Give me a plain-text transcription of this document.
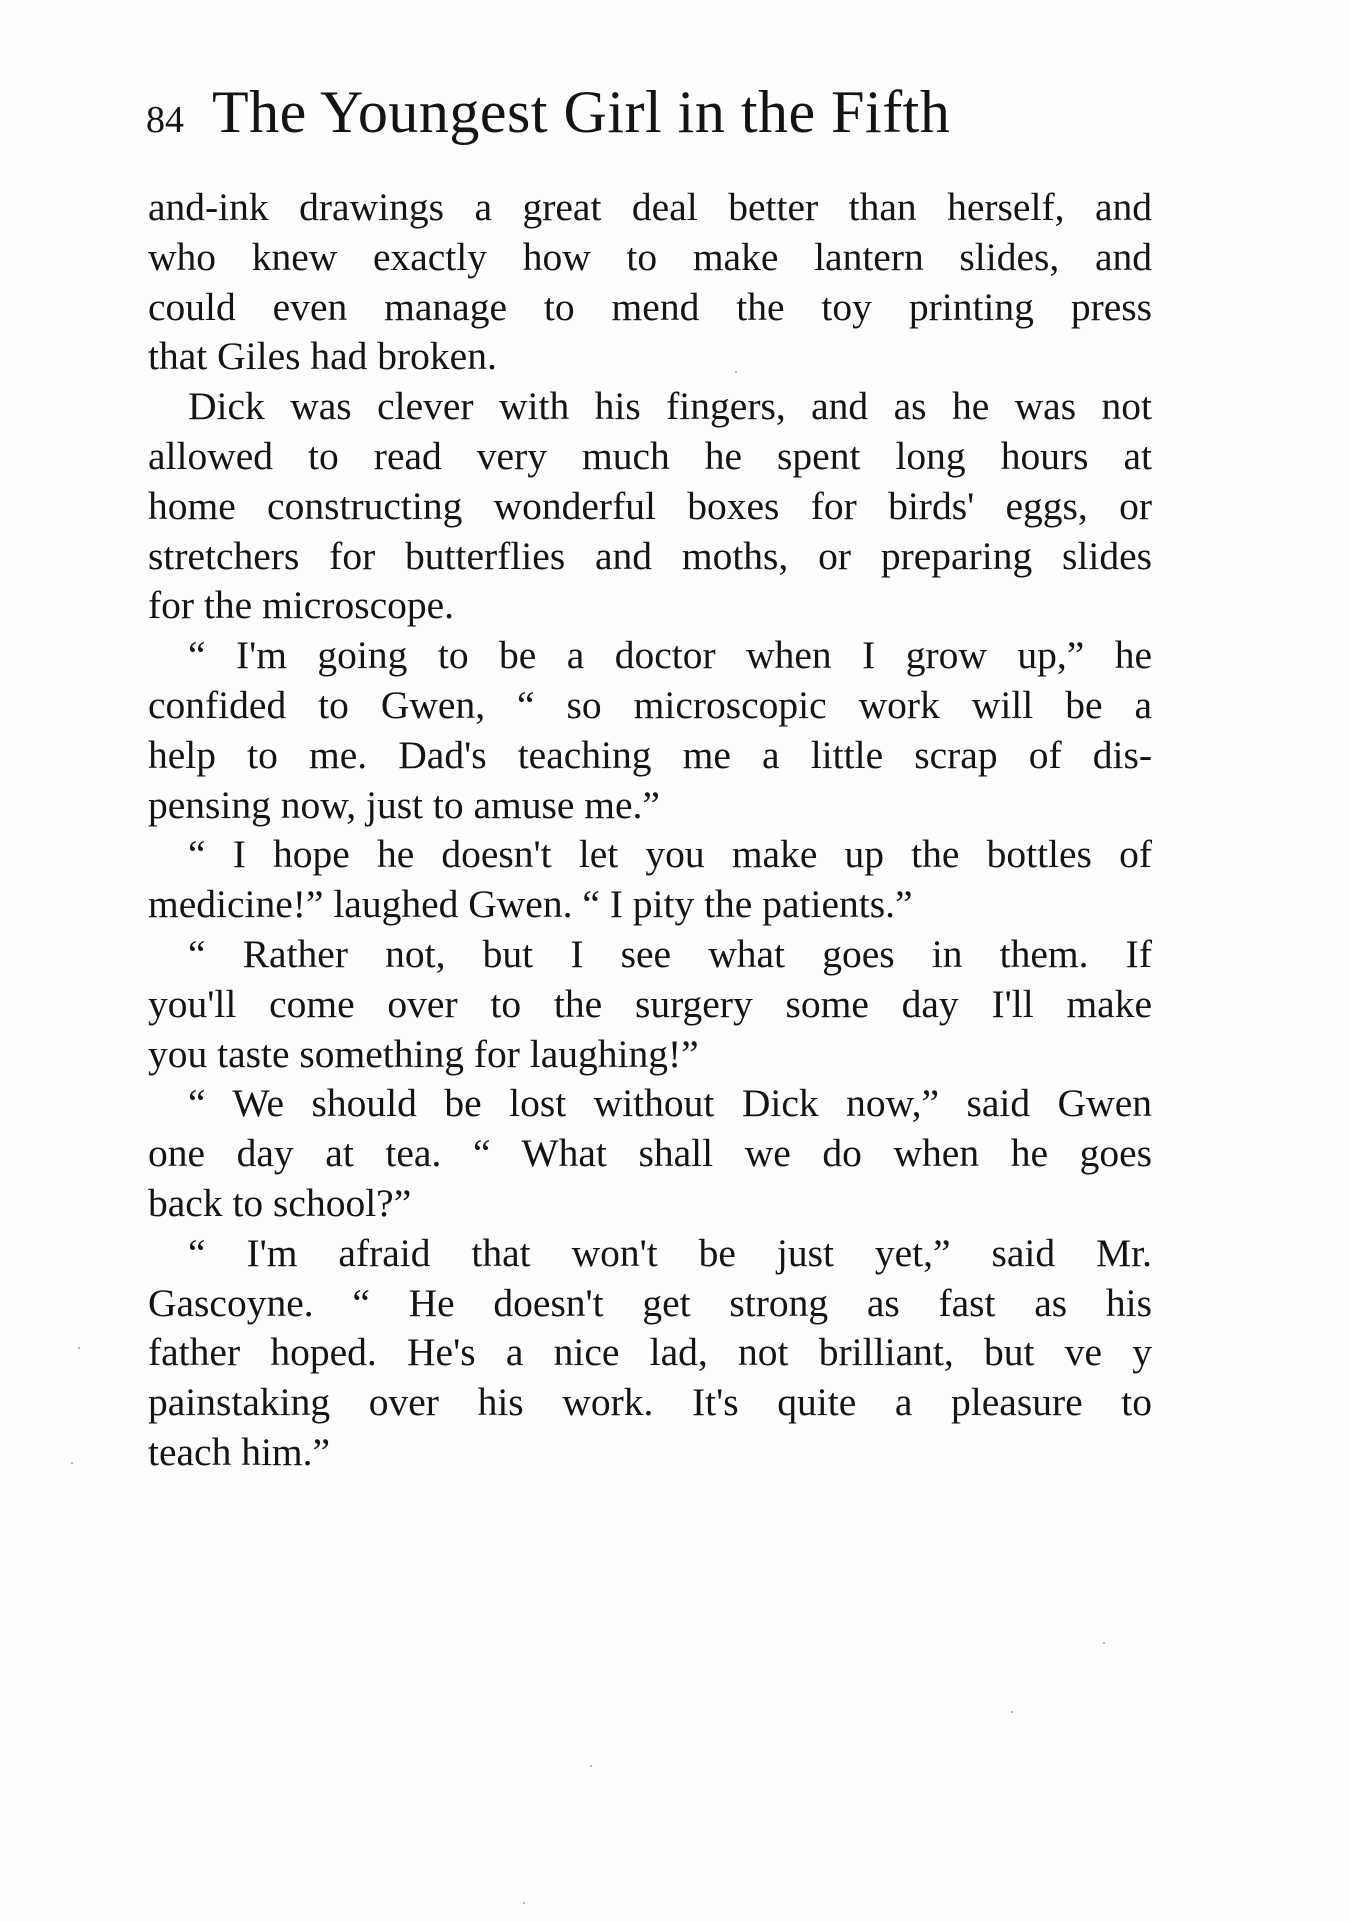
84 The Youngest Girl in the Fifth
and-ink drawings a great deal better than herself, and
who knew exactly how to make lantern slides, and
could even manage to mend the toy printing press
that Giles had broken.
Dick was clever with his fingers, and as he was not
allowed to read very much he spent long hours at
home constructing wonderful boxes for birds' eggs, or
stretchers for butterflies and moths, or preparing slides
for the microscope.
“ I'm going to be a doctor when I grow up,” he
confided to Gwen, “ so microscopic work will be a
help to me. Dad's teaching me a little scrap of dis-
pensing now, just to amuse me.”
“ I hope he doesn't let you make up the bottles of
medicine!” laughed Gwen. “ I pity the patients.”
“ Rather not, but I see what goes in them. If
you'll come over to the surgery some day I'll make
you taste something for laughing!”
“ We should be lost without Dick now,” said Gwen
one day at tea. “ What shall we do when he goes
back to school?”
“ I'm afraid that won't be just yet,” said Mr.
Gascoyne. “ He doesn't get strong as fast as his
father hoped. He's a nice lad, not brilliant, but ve y
painstaking over his work. It's quite a pleasure to
teach him.”
